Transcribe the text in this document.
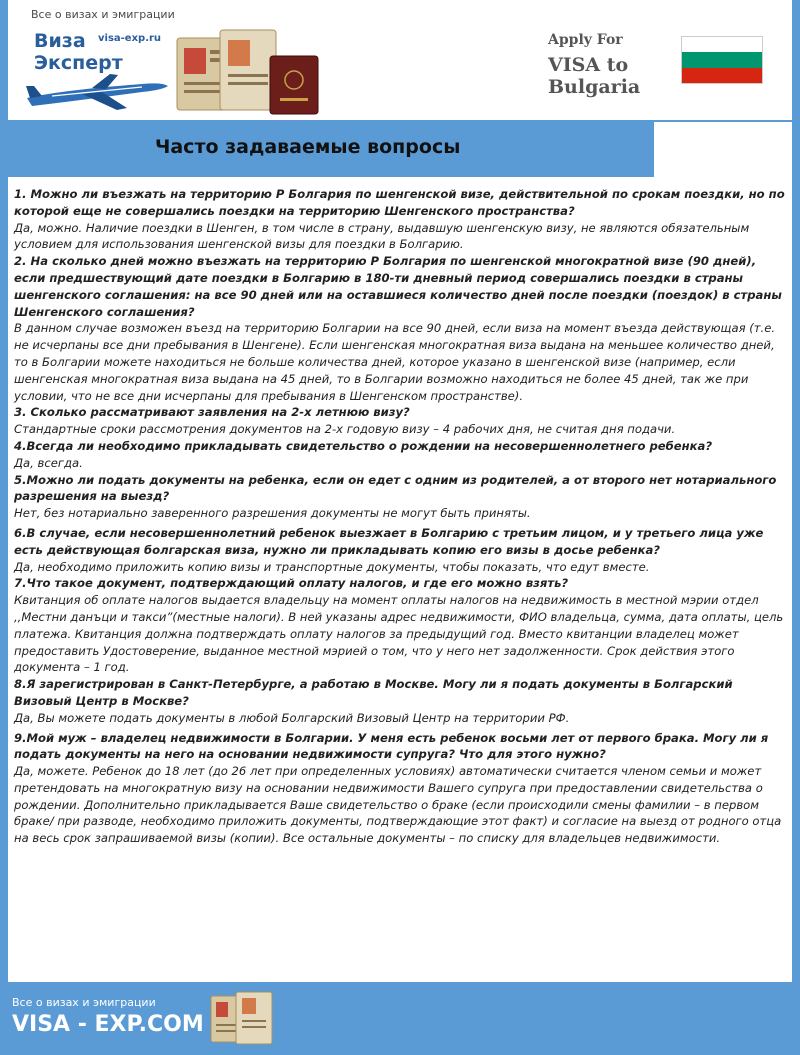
Все о визах и эмиграции
Виза visa-exp.ru
Эксперт
Apply For
VISA to
Bulgaria
Часто задаваемые вопросы
1. Можно ли въезжать на территорию Р Болгария по шенгенской визе, действительной по срокам поездки, но по которой еще не совершались поездки на территорию Шенгенского пространства?
Да, можно. Наличие поездки в Шенген, в том числе в страну, выдавшую шенгенскую визу, не являются обязательным условием для использования шенгенской визы для поездки в Болгарию.
2. На сколько дней можно въезжать на территорию Р Болгария по шенгенской многократной визе (90 дней), если предшествующий дате поездки в Болгарию в 180-ти дневный период совершались поездки в страны шенгенского соглашения: на все 90 дней или на оставшиеся количество дней после поездки (поездок) в страны Шенгенского соглашения?
В данном случае возможен въезд на территорию Болгарии на все 90 дней, если виза на момент въезда действующая (т.е. не исчерпаны все дни пребывания в Шенгене). Если шенгенская многократная виза выдана на меньшее количество дней, то в Болгарии можете находиться не больше количества дней, которое указано в шенгенской визе (например, если шенгенская многократная виза выдана на 45 дней, то в Болгарии возможно находиться не более 45 дней, так же при условии, что не все дни исчерпаны для пребывания в Шенгенском пространстве).
3. Сколько рассматривают заявления на 2-х летнюю визу?
Стандартные сроки рассмотрения документов на 2-х годовую визу – 4 рабочих дня, не считая дня подачи.
4.Всегда ли необходимо прикладывать свидетельство о рождении на несовершеннолетнего ребенка?
Да, всегда.
5.Можно ли подать документы на ребенка, если он едет с одним из родителей, а от второго нет нотариального разрешения на выезд?
Нет, без нотариально заверенного разрешения документы не могут быть приняты.
6.В случае, если несовершеннолетний ребенок выезжает в Болгарию с третьим лицом, и у третьего лица уже есть действующая болгарская виза, нужно ли прикладывать копию его визы в досье ребенка?
Да, необходимо приложить копию визы и транспортные документы, чтобы показать, что едут вместе.
7.Что такое документ, подтверждающий оплату налогов, и где его можно взять?
Квитанция об оплате налогов выдается владельцу на момент оплаты налогов на недвижимость в местной мэрии отдел ,,Местни данъци и такси”(местные налоги). В ней указаны адрес недвижимости, ФИО владельца, сумма, дата оплаты, цель платежа. Квитанция должна подтверждать оплату налогов за предыдущий год. Вместо квитанции владелец может предоставить Удостоверение, выданное местной мэрией о том, что у него нет задолженности. Срок действия этого документа – 1 год.
8.Я зарегистрирован в Санкт-Петербурге, а работаю в Москве. Могу ли я подать документы в Болгарский Визовый Центр в Москве?
Да, Вы можете подать документы в любой Болгарский Визовый Центр на территории РФ.
9.Мой муж – владелец недвижимости в Болгарии. У меня есть ребенок восьми лет от первого брака. Могу ли я подать документы на него на основании недвижимости супруга? Что для этого нужно?
Да, можете. Ребенок до 18 лет (до 26 лет при определенных условиях) автоматически считается членом семьи и может претендовать на многократную визу на основании недвижимости Вашего супруга при предоставлении свидетельства о рождении. Дополнительно прикладывается Ваше свидетельство о браке (если происходили смены фамилии – в первом браке/ при разводе, необходимо приложить документы, подтверждающие этот факт) и согласие на выезд от родного отца на весь срок запрашиваемой визы (копии). Все остальные документы – по списку для владельцев недвижимости.
Все о визах и эмиграции
VISA - EXP.COM
